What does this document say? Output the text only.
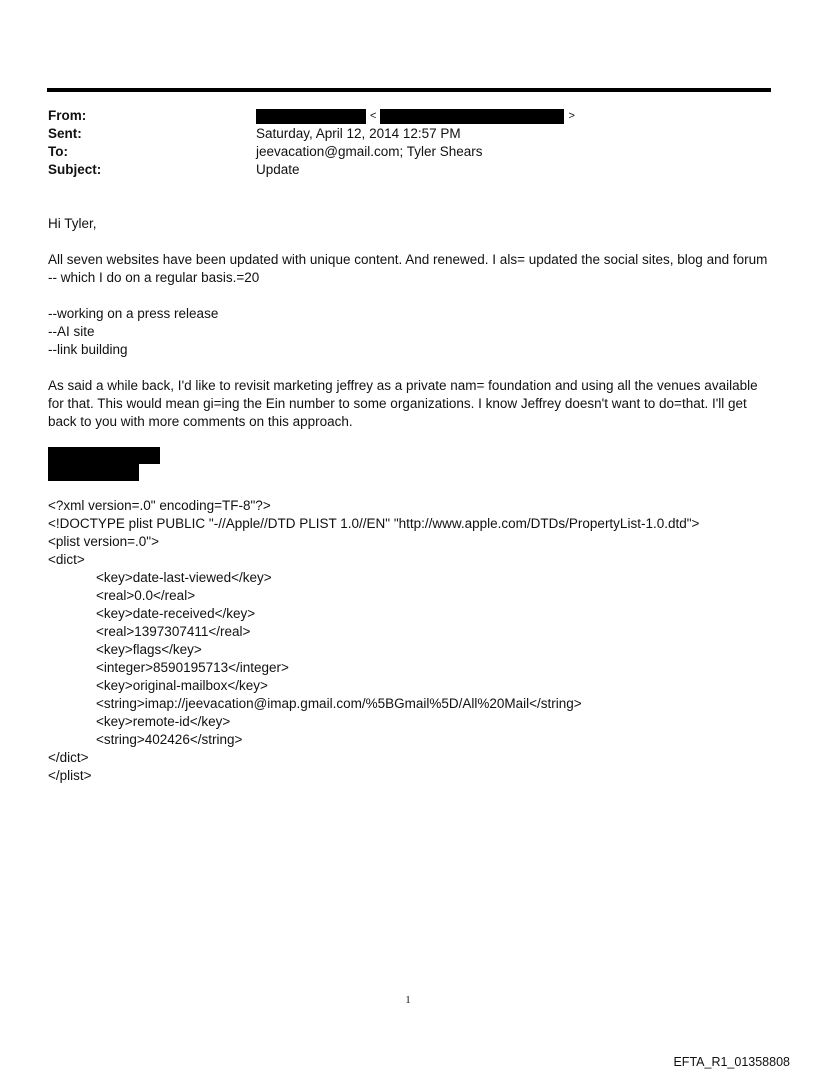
From:	<	>
Sent:	Saturday, April 12, 2014 12:57 PM
To:	jeevacation@gmail.com; Tyler Shears
Subject:	Update

Hi Tyler,

All seven websites have been updated with unique content. And renewed. I als= updated the social sites, blog and forum

-- which I do on a regular basis.=20

--working on a press release

--AI site

--link building

As said a while back, I'd like to revisit marketing jeffrey as a private nam= foundation and using all the venues available

for that. This would mean gi=ing the Ein number to some organizations. I know Jeffrey doesn't want to do=that. I'll get

back to you with more comments on this approach.

<?xml version=.0" encoding=TF-8"?>
<!DOCTYPE plist PUBLIC "-//Apple//DTD PLIST 1.0//EN" "http://www.apple.com/DTDs/PropertyList-1.0.dtd">
<plist version=.0">
<dict>
<key>date-last-viewed</key>
<real>0.0</real>
<key>date-received</key>
<real>1397307411</real>
<key>flags</key>
<integer>8590195713</integer>
<key>original-mailbox</key>
<string>imap://jeevacation@imap.gmail.com/%5BGmail%5D/All%20Mail</string>
<key>remote-id</key>
<string>402426</string>
</dict>
</plist>
1
EFTA_R1_01358808
